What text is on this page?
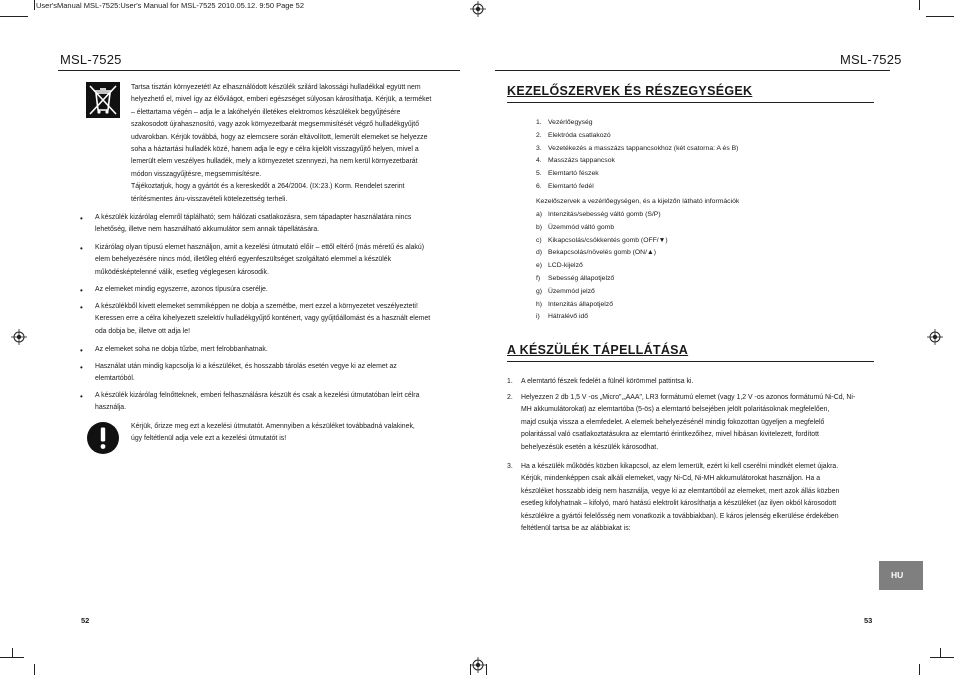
User'sManual MSL-7525:User's Manual for MSL-7525 2010.05.12. 9:50 Page 52
MSL-7525
Tartsa tisztán környezetét! Az elhasználódott készülék szilárd lakossági hulladékkal együtt nem
helyezhető el, mivel így az élővilágot, emberi egészséget súlyosan károsíthatja. Kérjük, a terméket
– élettartama végén – adja le a lakóhelyén illetékes elektromos készülékek begyűjtésére
szakosodott újrahasznosító, vagy azok környezetbarát megsemmisítését végző hulladékgyűjtő
udvarokban. Kérjük továbbá, hogy az elemcsere során eltávolított, lemerült elemeket se helyezze
soha a háztartási hulladék közé, hanem adja le egy e célra kijelölt visszagyűjtő helyen, mivel a
lemerült elem veszélyes hulladék, mely a környezetet szennyezi, ha nem kerül környezetbarát
módon visszagyűjtésre, megsemmisítésre.
Tájékoztatjuk, hogy a gyártót és a kereskedőt a 264/2004. (IX:23.) Korm. Rendelet szerint
térítésmentes áru-visszavételi kötelezettség terheli.
• A készülék kizárólag elemről táplálható; sem hálózati csatlakozásra, sem tápadapter használatára nincs
lehetőség, illetve nem használható akkumulátor sem annak tápellátására.
• Kizárólag olyan típusú elemet használjon, amit a kezelési útmutató előír – ettől eltérő (más méretű és alakú)
elem behelyezésére nincs mód, illetőleg eltérő egyenfeszültséget szolgáltató elemmel a készülék
működésképtelenné válik, esetleg véglegesen károsodik.
• Az elemeket mindig egyszerre, azonos típusúra cserélje.
• A készülékből kivett elemeket semmiképpen ne dobja a szemétbe, mert ezzel a környezetet veszélyezteti!
Keressen erre a célra kihelyezett szelektív hulladékgyűjtő konténert, vagy gyűjtőállomást és a használt elemet
oda dobja be, illetve ott adja le!
• Az elemeket soha ne dobja tűzbe, mert felrobbanhatnak.
• Használat után mindig kapcsolja ki a készüléket, és hosszabb tárolás esetén vegye ki az elemet az
elemtartóból.
• A készülék kizárólag felnőtteknek, emberi felhasználásra készült és csak a kezelési útmutatóban leírt célra
használja.
Kérjük, őrizze meg ezt a kezelési útmutatót. Amennyiben a készüléket továbbadná valakinek,
úgy feltétlenül adja vele ezt a kezelési útmutatót is!
52
MSL-7525
KEZELŐSZERVEK ÉS RÉSZEGYSÉGEK
1. Vezérlőegység
2. Elektróda csatlakozó
3. Vezetékezés a masszázs tappancsokhoz (két csatorna: A és B)
4. Masszázs tappancsok
5. Elemtartó fészek
6. Elemtartó fedél
Kezelőszervek a vezérlőegységen, és a kijelzőn látható információk
a) Intenzitás/sebesség váltó gomb (S/P)
b) Üzemmód váltó gomb
c) Kikapcsolás/csökkentés gomb (OFF/▼)
d) Bekapcsolás/növelés gomb (ON/▲)
e) LCD-kijelző
f) Sebesség állapotjelző
g) Üzemmód jelző
h) Intenzitás állapotjelző
i) Hátralévő idő
A KÉSZÜLÉK TÁPELLÁTÁSA
1. A elemtartó fészek fedelét a fülnél körömmel pattintsa ki.
2. Helyezzen 2 db 1,5 V -os „Micro",„AAA", LR3 formátumú elemet (vagy 1,2 V -os azonos formátumú Ni-Cd, Ni-
MH akkumulátorokat) az elemtartóba (5-ös) a elemtartó belsejében jelölt polaritásoknak megfelelően,
majd csukja vissza a elemfedelet. A elemek behelyezésénél mindig fokozottan ügyeljen a megfelelő
polaritással való csatlakoztatásukra az elemtartó érintkezőihez, mivel hibásan kivitelezett, fordított
behelyezésük esetén a készülék károsodhat.
3. Ha a készülék működés közben kikapcsol, az elem lemerült, ezért ki kell cserélni mindkét elemet újakra.
Kérjük, mindenképpen csak alkáli elemeket, vagy Ni-Cd, Ni-MH akkumulátorokat használjon. Ha a
készüléket hosszabb ideig nem használja, vegye ki az elemtartóból az elemeket, mert azok állás közben
esetleg kifolyhatnak – kifolyó, maró hatású elektrolit károsíthatja a készüléket (az ilyen okból károsodott
készülékre a gyártói felelősség nem vonatkozik a továbbiakban). E káros jelenség elkerülése érdekében
feltétlenül tartsa be az alábbiakat is:
HU
53
